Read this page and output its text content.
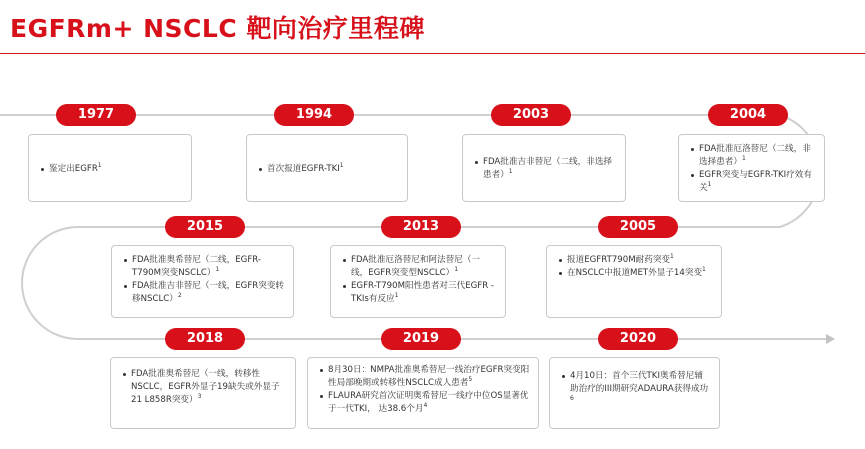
EGFRm+ NSCLC 靶向治疗里程碑
1977
鉴定出EGFR$^1$
1994
首次报道EGFR-TKI$^1$
2003
FDA批准吉非替尼（二线，非选择患者）$^1$
2004
FDA批准厄洛替尼（二线，非选择患者）$^1$
EGFR突变与EGFR-TKI疗效有关$^1$
2015
FDA批准奥希替尼（二线，EGFR-T790M突变NSCLC）$^1$
FDA批准吉非替尼（一线，EGFR突变转移NSCLC）$^2$
2013
FDA批准厄洛替尼和阿法替尼（一线，EGFR突变型NSCLC）$^1$
EGFR-T790M阳性患者对三代EGFR -TKIs有反应$^1$
2005
报道EGFRT790M耐药突变$^1$
在NSCLC中报道MET外显子14突变$^1$
2018
FDA批准奥希替尼（一线，转移性NSCLC，EGFR外显子19缺失或外显子21 L858R突变）$^3$
2019
8月30日：NMPA批准奥希替尼一线治疗EGFR突变阳性局部晚期或转移性NSCLC成人患者$^5$
FLAURA研究首次证明奥希替尼一线疗中位OS显著优于一代TKI， 达38.6个月$^4$
2020
4月10日：首个三代TKI奥希替尼辅助治疗的III期研究ADAURA获得成功$^6$
